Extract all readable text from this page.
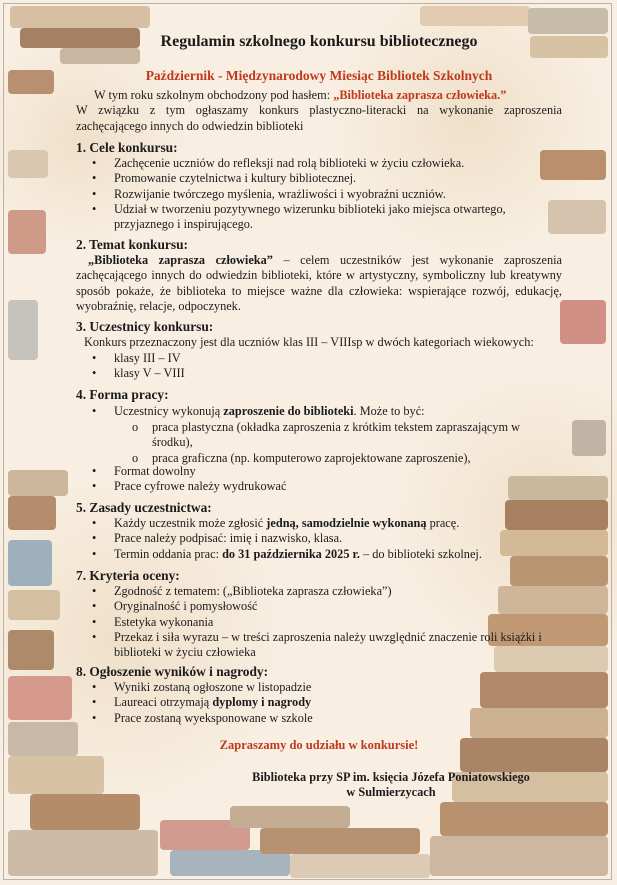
Regulamin szkolnego konkursu bibliotecznego
Październik - Międzynarodowy Miesiąc Bibliotek Szkolnych
W tym roku szkolnym obchodzony pod hasłem: „Biblioteka zaprasza człowieka.”
W związku z tym ogłaszamy konkurs plastyczno-literacki na wykonanie zaproszenia zachęcającego innych do odwiedzin biblioteki
1. Cele konkursu:
• Zachęcenie uczniów do refleksji nad rolą biblioteki w życiu człowieka.
• Promowanie czytelnictwa i kultury bibliotecznej.
• Rozwijanie twórczego myślenia, wrażliwości i wyobraźni uczniów.
• Udział w tworzeniu pozytywnego wizerunku biblioteki jako miejsca otwartego, przyjaznego i inspirującego.
2. Temat konkursu:
„Biblioteka zaprasza człowieka” – celem uczestników jest wykonanie zaproszenia zachęcającego innych do odwiedzin biblioteki, które w artystyczny, symboliczny lub kreatywny sposób pokaże, że biblioteka to miejsce ważne dla człowieka: wspierające rozwój, edukację, wyobraźnię, relacje, odpoczynek.
3. Uczestnicy konkursu:
Konkurs przeznaczony jest dla uczniów klas III – VIIIsp w dwóch kategoriach wiekowych:
• klasy III – IV
• klasy V – VIII
4. Forma pracy:
• Uczestnicy wykonują zaproszenie do biblioteki. Może to być:
o praca plastyczna (okładka zaproszenia z krótkim tekstem zapraszającym w środku),
o praca graficzna (np. komputerowo zaprojektowane zaproszenie),
• Format dowolny
• Prace cyfrowe należy wydrukować
5. Zasady uczestnictwa:
• Każdy uczestnik może zgłosić jedną, samodzielnie wykonaną pracę.
• Prace należy podpisać: imię i nazwisko, klasa.
• Termin oddania prac: do 31 października 2025 r. – do biblioteki szkolnej.
7. Kryteria oceny:
• Zgodność z tematem: („Biblioteka zaprasza człowieka”)
• Oryginalność i pomysłowość
• Estetyka wykonania
• Przekaz i siła wyrazu – w treści zaproszenia należy uwzględnić znaczenie roli książki i biblioteki w życiu człowieka
8. Ogłoszenie wyników i nagrody:
• Wyniki zostaną ogłoszone w listopadzie
• Laureaci otrzymają dyplomy i nagrody
• Prace zostaną wyeksponowane w szkole
Zapraszamy do udziału w konkursie!
Biblioteka przy SP im. księcia Józefa Poniatowskiego
w Sulmierzycach
